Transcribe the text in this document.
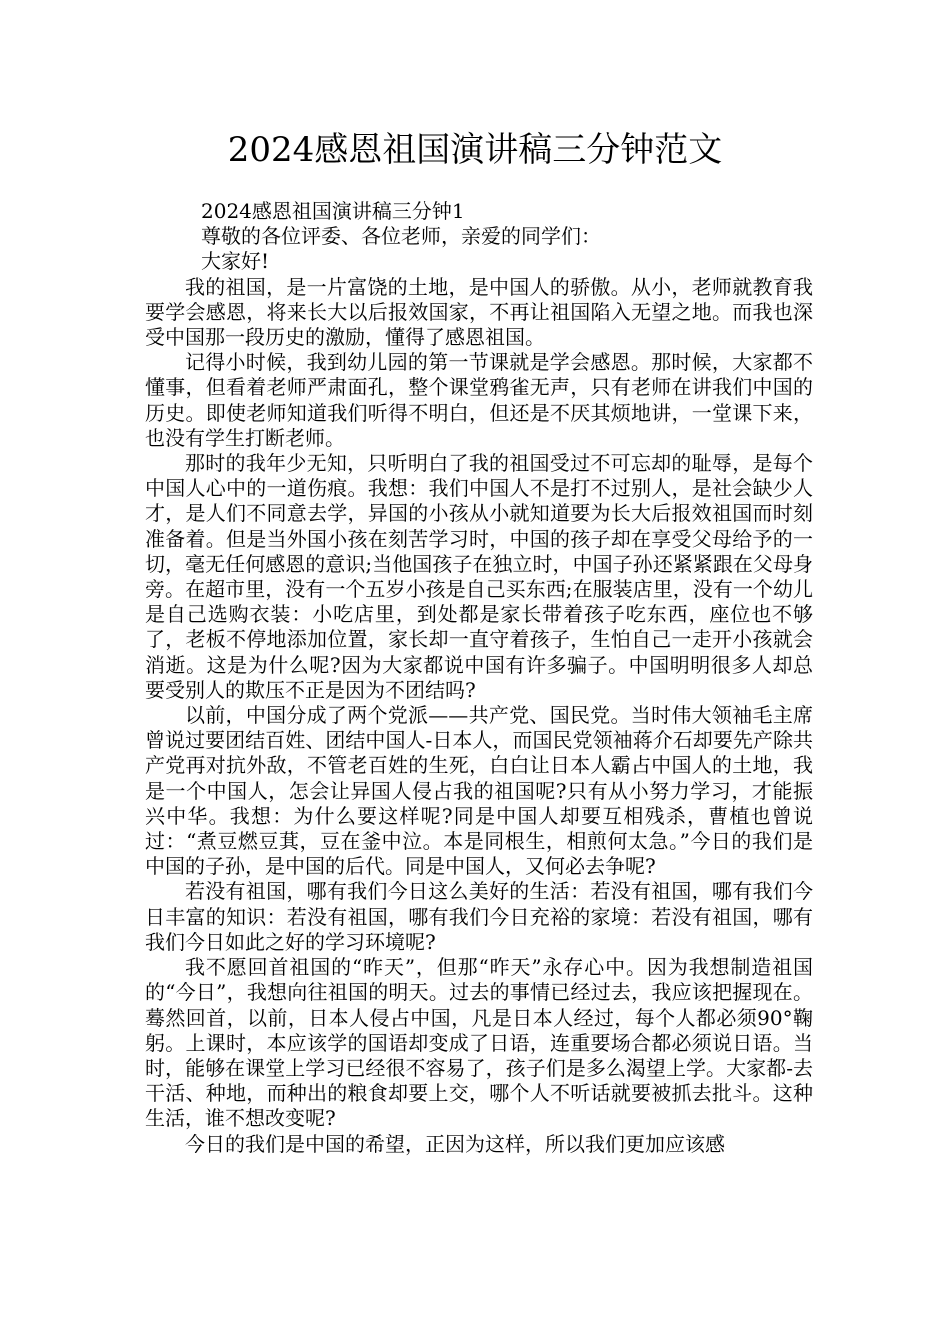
2024感恩祖国演讲稿三分钟范文

2024感恩祖国演讲稿三分钟1

尊敬的各位评委、各位老师，亲爱的同学们：

大家好!

我的祖国，是一片富饶的土地，是中国人的骄傲。从小，老师就教育我要学会感恩，将来长大以后报效国家，不再让祖国陷入无望之地。而我也深受中国那一段历史的激励，懂得了感恩祖国。

记得小时候，我到幼儿园的第一节课就是学会感恩。那时候，大家都不懂事，但看着老师严肃面孔，整个课堂鸦雀无声，只有老师在讲我们中国的历史。即使老师知道我们听得不明白，但还是不厌其烦地讲，一堂课下来，也没有学生打断老师。

那时的我年少无知，只听明白了我的祖国受过不可忘却的耻辱，是每个中国人心中的一道伤痕。我想：我们中国人不是打不过别人，是社会缺少人才，是人们不同意去学，异国的小孩从小就知道要为长大后报效祖国而时刻准备着。但是当外国小孩在刻苦学习时，中国的孩子却在享受父母给予的一切，毫无任何感恩的意识;当他国孩子在独立时，中国子孙还紧紧跟在父母身旁。在超市里，没有一个五岁小孩是自己买东西;在服装店里，没有一个幼儿是自己选购衣装：小吃店里，到处都是家长带着孩子吃东西，座位也不够了，老板不停地添加位置，家长却一直守着孩子，生怕自己一走开小孩就会消逝。这是为什么呢?因为大家都说中国有许多骗子。中国明明很多人却总要受别人的欺压不正是因为不团结吗?

以前，中国分成了两个党派——共产党、国民党。当时伟大领袖毛主席曾说过要团结百姓、团结中国人-日本人，而国民党领袖蒋介石却要先产除共产党再对抗外敌，不管老百姓的生死，白白让日本人霸占中国人的土地，我是一个中国人，怎会让异国人侵占我的祖国呢?只有从小努力学习，才能振兴中华。我想：为什么要这样呢?同是中国人却要互相残杀，曹植也曾说过：“煮豆燃豆萁，豆在釜中泣。本是同根生，相煎何太急。”今日的我们是中国的子孙，是中国的后代。同是中国人，又何必去争呢?

若没有祖国，哪有我们今日这么美好的生活：若没有祖国，哪有我们今日丰富的知识：若没有祖国，哪有我们今日充裕的家境：若没有祖国，哪有我们今日如此之好的学习环境呢?

我不愿回首祖国的“昨天”，但那“昨天”永存心中。因为我想制造祖国的“今日”，我想向往祖国的明天。过去的事情已经过去，我应该把握现在。蓦然回首，以前，日本人侵占中国，凡是日本人经过，每个人都必须90°鞠躬。上课时，本应该学的国语却变成了日语，连重要场合都必须说日语。当时，能够在课堂上学习已经很不容易了，孩子们是多么渴望上学。大家都-去干活、种地，而种出的粮食却要上交，哪个人不听话就要被抓去批斗。这种生活，谁不想改变呢?

今日的我们是中国的希望，正因为这样，所以我们更加应该感
